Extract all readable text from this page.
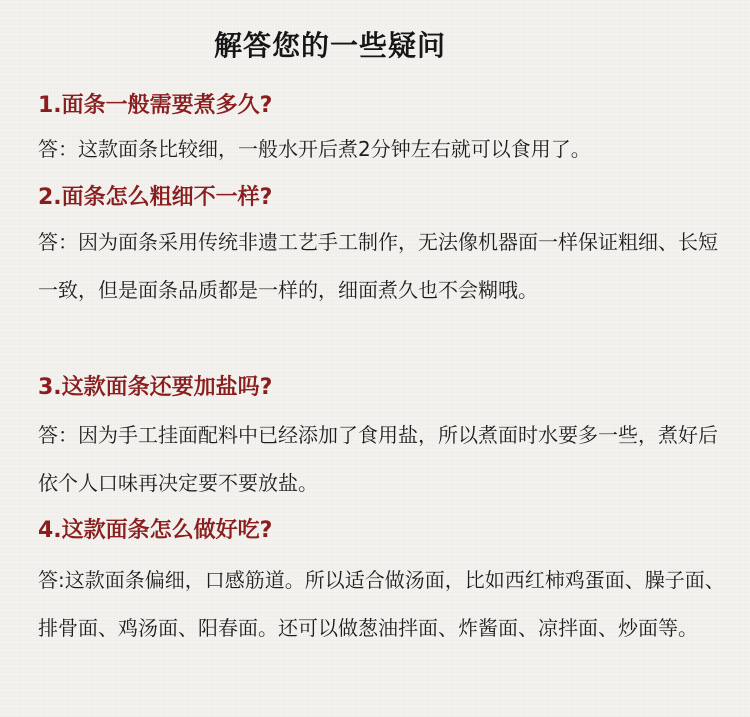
解答您的一些疑问
1.面条一般需要煮多久?
答：这款面条比较细，一般水开后煮2分钟左右就可以食用了。
2.面条怎么粗细不一样?
答：因为面条采用传统非遗工艺手工制作，无法像机器面一样保证粗细、长短一致，但是面条品质都是一样的，细面煮久也不会糊哦。
3.这款面条还要加盐吗?
答：因为手工挂面配料中已经添加了食用盐，所以煮面时水要多一些，煮好后依个人口味再决定要不要放盐。
4.这款面条怎么做好吃?
答:这款面条偏细，口感筋道。所以适合做汤面，比如西红柿鸡蛋面、臊子面、排骨面、鸡汤面、阳春面。还可以做葱油拌面、炸酱面、凉拌面、炒面等。
